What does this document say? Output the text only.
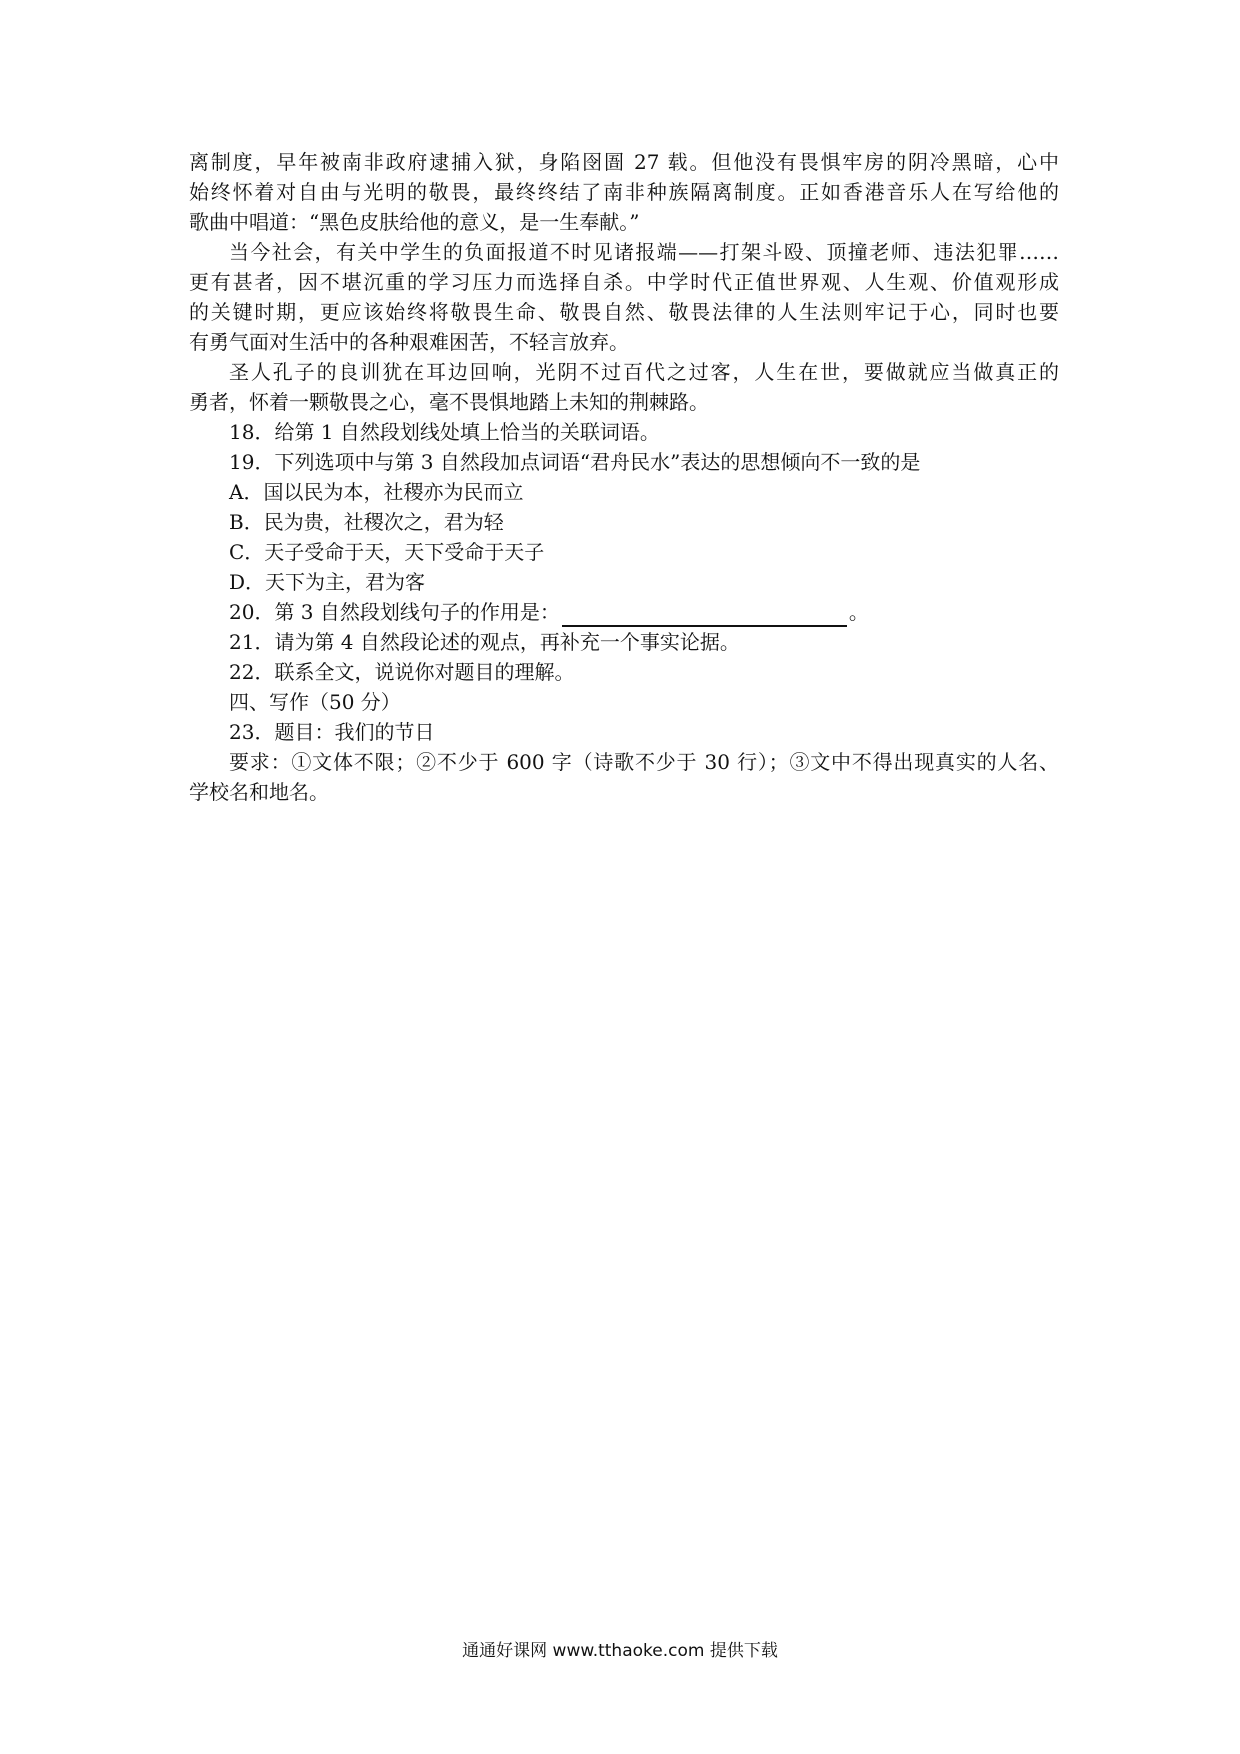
离制度，早年被南非政府逮捕入狱，身陷囹圄 27 载。但他没有畏惧牢房的阴冷黑暗，心中
始终怀着对自由与光明的敬畏，最终终结了南非种族隔离制度。正如香港音乐人在写给他的
歌曲中唱道：“黑色皮肤给他的意义，是一生奉献。”
当今社会，有关中学生的负面报道不时见诸报端——打架斗殴、顶撞老师、违法犯罪……
更有甚者，因不堪沉重的学习压力而选择自杀。中学时代正值世界观、人生观、价值观形成
的关键时期，更应该始终将敬畏生命、敬畏自然、敬畏法律的人生法则牢记于心，同时也要
有勇气面对生活中的各种艰难困苦，不轻言放弃。
圣人孔子的良训犹在耳边回响，光阴不过百代之过客，人生在世，要做就应当做真正的
勇者，怀着一颗敬畏之心，毫不畏惧地踏上未知的荆棘路。
18．给第 1 自然段划线处填上恰当的关联词语。
19．下列选项中与第 3 自然段加点词语“君舟民水”表达的思想倾向不一致的是
A．国以民为本，社稷亦为民而立
B．民为贵，社稷次之，君为轻
C．天子受命于天，天下受命于天子
D．天下为主，君为客
20．第 3 自然段划线句子的作用是：	。
21．请为第 4 自然段论述的观点，再补充一个事实论据。
22．联系全文，说说你对题目的理解。
四、写作（50 分）
23．题目：我们的节日
要求：①文体不限；②不少于 600 字（诗歌不少于 30 行）；③文中不得出现真实的人名、
学校名和地名。
通通好课网 www.tthaoke.com 提供下载
